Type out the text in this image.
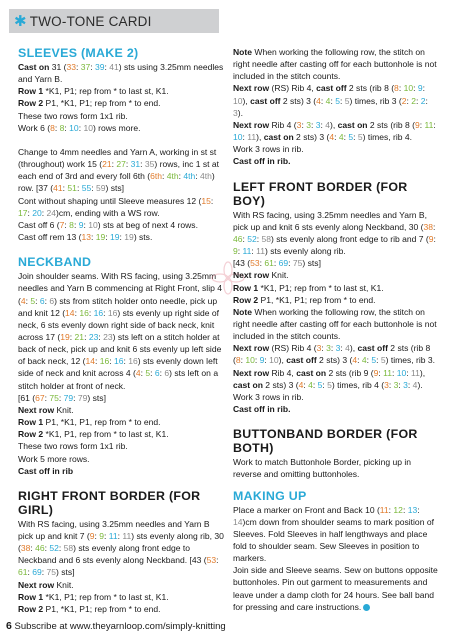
✱ TWO-TONE CARDI
SLEEVES (MAKE 2)

Cast on 31 (33: 37: 39: 41) sts using 3.25mm needles and Yarn B.

Row 1 *K1, P1; rep from * to last st, K1.

Row 2 P1, *K1, P1; rep from * to end.

These two rows form 1x1 rib.

Work 6 (8: 8: 10: 10) rows more.

Change to 4mm needles and Yarn A, working in st st (throughout) work 15 (21: 27: 31: 35) rows, inc 1 st at each end of 3rd and every foll 6th (6th: 4th: 4th: 4th) row. [37 (41: 51: 55: 59) sts]

Cont without shaping until Sleeve measures 12 (15: 17: 20: 24)cm, ending with a WS row.

Cast off 6 (7: 8: 9: 10) sts at beg of next 4 rows.

Cast off rem 13 (13: 19: 19: 19) sts.

NECKBAND

Join shoulder seams. With RS facing, using 3.25mm needles and Yarn B commencing at Right Front, slip 4 (4: 5: 6: 6) sts from stitch holder onto needle, pick up and knit 12 (14: 16: 16: 16) sts evenly up right side of neck, 6 sts evenly down right side of back neck, knit across 17 (19: 21: 23: 23) sts left on a stitch holder at back of neck, pick up and knit 6 sts evenly up left side of back neck, 12 (14: 16: 16: 16) sts evenly down left side of neck and knit across 4 (4: 5: 6: 6) sts left on a stitch holder at front of neck.

[61 (67: 75: 79: 79) sts]

Next row Knit.

Row 1 P1, *K1, P1, rep from * to end.

Row 2 *K1, P1, rep from * to last st, K1.

These two rows form 1x1 rib.

Work 5 more rows.

Cast off in rib

RIGHT FRONT BORDER (FOR GIRL)

With RS facing, using 3.25mm needles and Yarn B pick up and knit 7 (9: 9: 11: 11) sts evenly along rib, 30 (38: 46: 52: 58) sts evenly along front edge to Neckband and 6 sts evenly along Neckband. [43 (53: 61: 69: 75) sts]

Next row Knit.

Row 1 *K1, P1; rep from * to last st, K1.

Row 2 P1, *K1, P1; rep from * to end.

Note When working the following row, the stitch on right needle after casting off for each buttonhole is not included in the stitch counts.

Next row (RS) Rib 4, cast off 2 sts (rib 8 (8: 10: 9: 10), cast off 2 sts) 3 (4: 4: 5: 5) times, rib 3 (2: 2: 2: 3).

Next row Rib 4 (3: 3: 3: 4), cast on 2 sts (rib 8 (9: 11: 10: 11), cast on 2 sts) 3 (4: 4: 5: 5) times, rib 4.

Work 3 rows in rib.

Cast off in rib.

LEFT FRONT BORDER (FOR BOY)

With RS facing, using 3.25mm needles and Yarn B, pick up and knit 6 sts evenly along Neckband, 30 (38: 46: 52: 58) sts evenly along front edge to rib and 7 (9: 9: 11: 11) sts evenly along rib.

[43 (53: 61: 69: 75) sts]

Next row Knit.

Row 1 *K1, P1; rep from * to last st, K1.

Row 2 P1, *K1, P1; rep from * to end.

Note When working the following row, the stitch on right needle after casting off for each buttonhole is not included in the stitch counts.

Next row (RS) Rib 4 (3: 3: 3: 4), cast off 2 sts (rib 8 (8: 10: 9: 10), cast off 2 sts) 3 (4: 4: 5: 5) times, rib 3.

Next row Rib 4, cast on 2 sts (rib 9 (9: 11: 10: 11), cast on 2 sts) 3 (4: 4: 5: 5) times, rib 4 (3: 3: 3: 4).

Work 3 rows in rib.

Cast off in rib.

BUTTONBAND BORDER (FOR BOTH)

Work to match Buttonhole Border, picking up in reverse and omitting buttonholes.

MAKING UP

Place a marker on Front and Back 10 (11: 12: 13: 14)cm down from shoulder seams to mark position of Sleeves. Fold Sleeves in half lengthways and place fold to shoulder seam. Sew Sleeves in position to markers.

Join side and Sleeve seams. Sew on buttons opposite buttonholes. Pin out garment to measurements and leave under a damp cloth for 24 hours. See ball band for pressing and care instructions.

6 Subscribe at www.theyarnloop.com/simply-knitting
